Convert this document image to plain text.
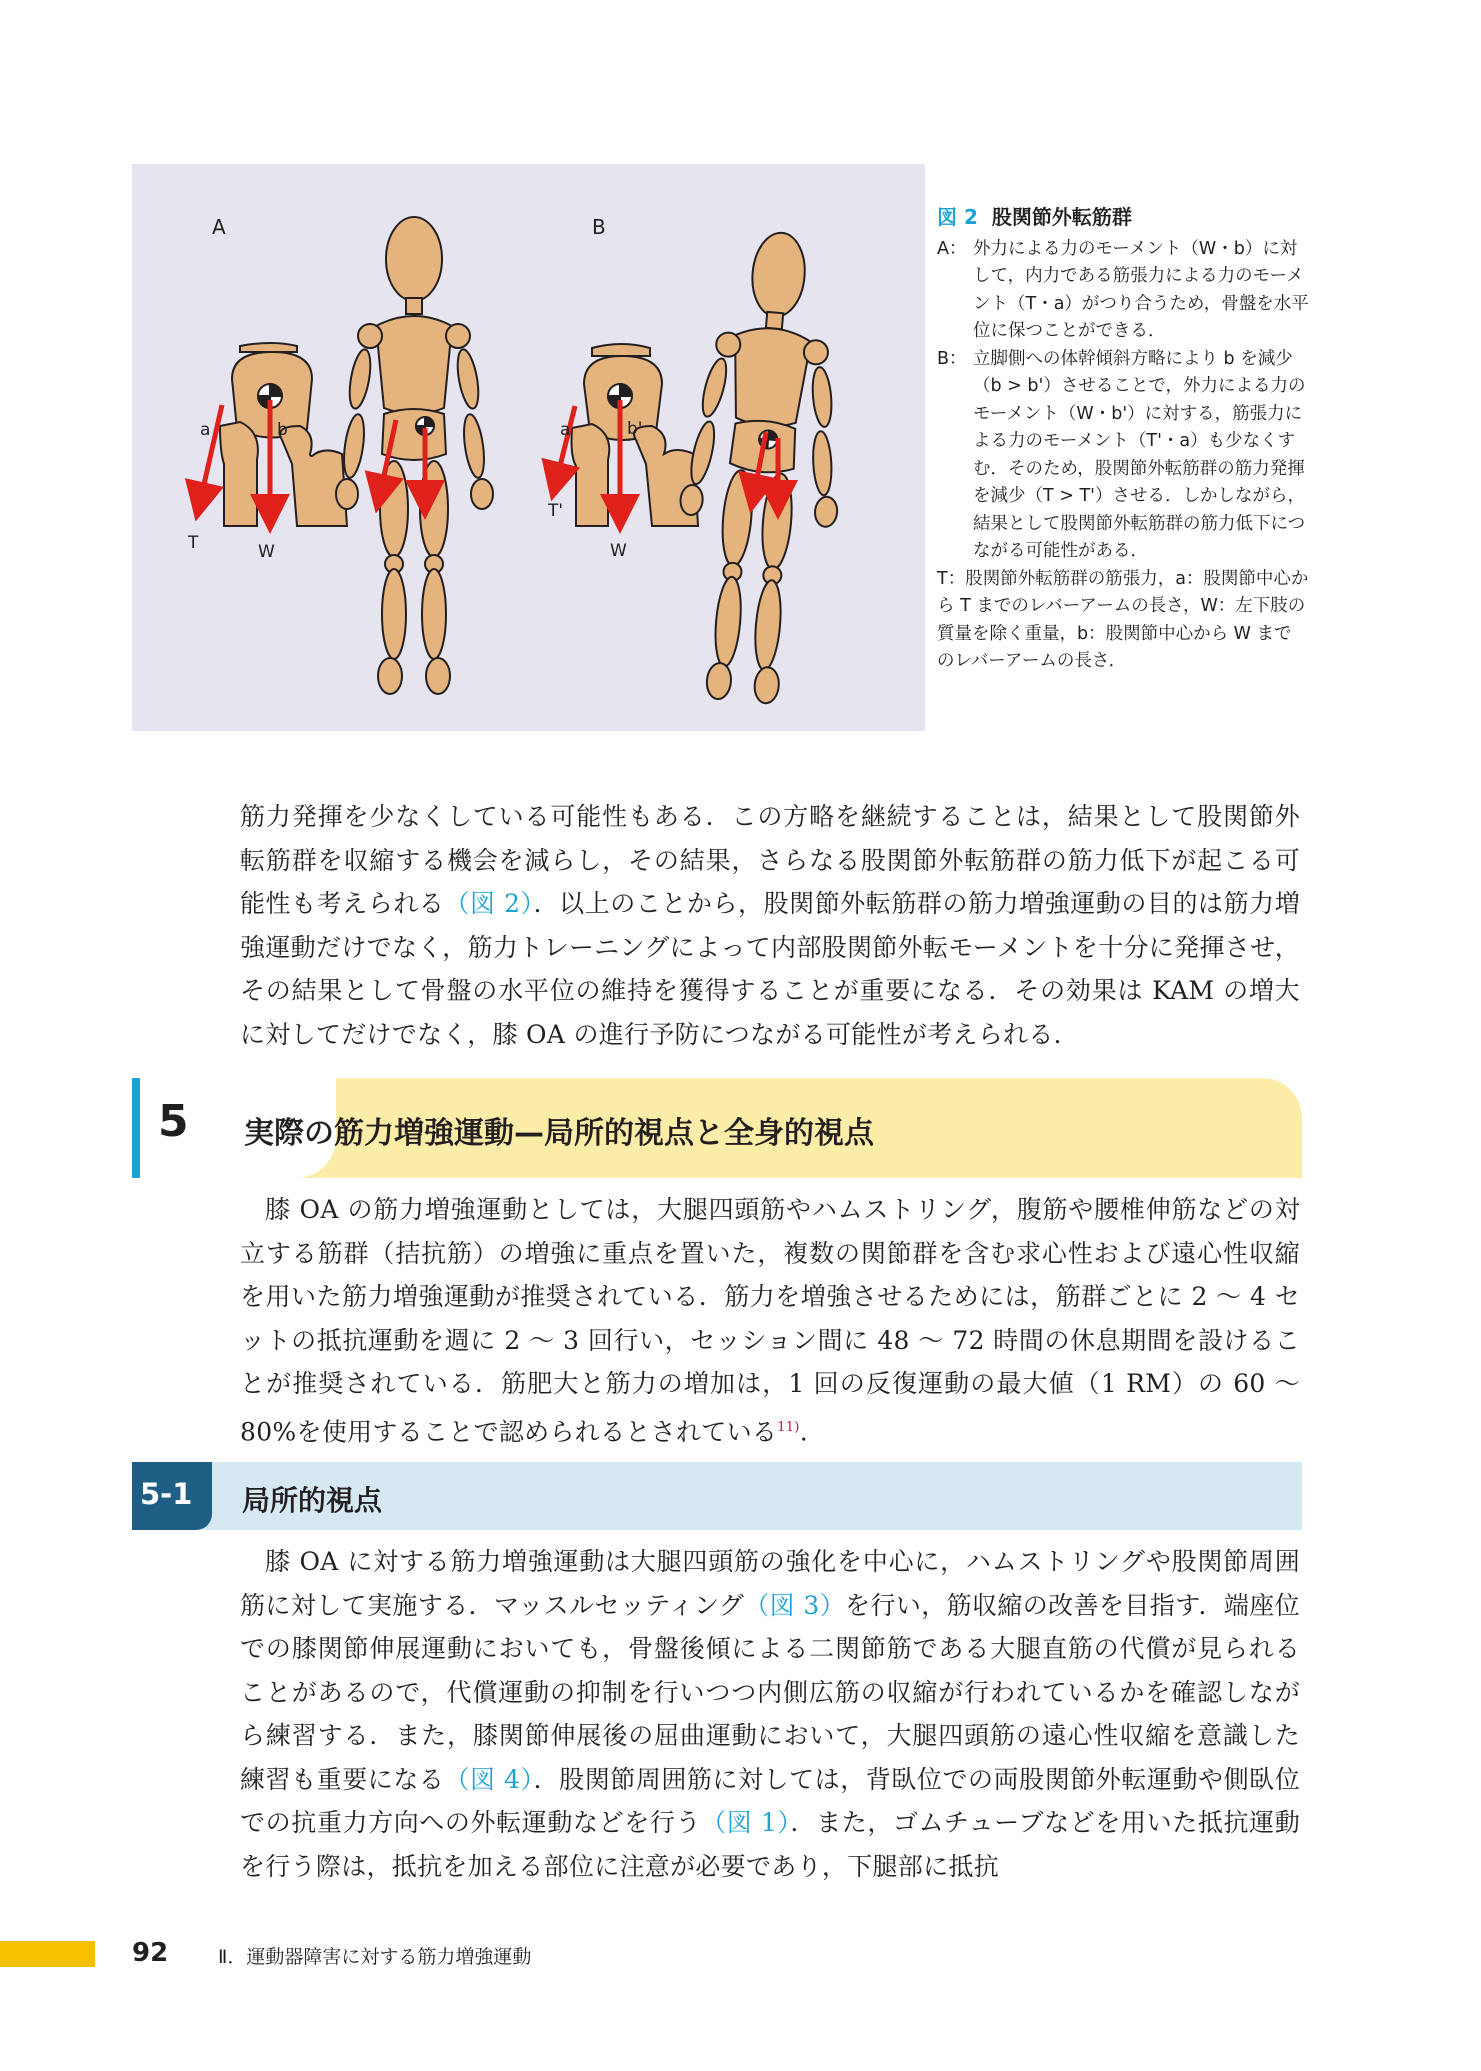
A	B
a	b
T	W
a	b'
T'
W
図 2 股関節外転筋群
A： 外力による力のモーメント（W・b）に対して，内力である筋張力による力のモーメント（T・a）がつり合うため，骨盤を水平位に保つことができる．
B： 立脚側への体幹傾斜方略により b を減少（b > b'）させることで，外力による力のモーメント（W・b'）に対する，筋張力による力のモーメント（T'・a）も少なくすむ．そのため，股関節外転筋群の筋力発揮を減少（T > T'）させる．しかしながら，結果として股関節外転筋群の筋力低下につながる可能性がある．
T：股関節外転筋群の筋張力，a：股関節中心から T までのレバーアームの長さ，W：左下肢の質量を除く重量，b：股関節中心から W までのレバーアームの長さ．

筋力発揮を少なくしている可能性もある．この方略を継続することは，結果として股関節外転筋群を収縮する機会を減らし，その結果，さらなる股関節外転筋群の筋力低下が起こる可能性も考えられる（図 2）．以上のことから，股関節外転筋群の筋力増強運動の目的は筋力増強運動だけでなく，筋力トレーニングによって内部股関節外転モーメントを十分に発揮させ，その結果として骨盤の水平位の維持を獲得することが重要になる．その効果は KAM の増大に対してだけでなく，膝 OA の進行予防につながる可能性が考えられる．

5 実際の筋力増強運動—局所的視点と全身的視点

膝 OA の筋力増強運動としては，大腿四頭筋やハムストリング，腹筋や腰椎伸筋などの対立する筋群（拮抗筋）の増強に重点を置いた，複数の関節群を含む求心性および遠心性収縮を用いた筋力増強運動が推奨されている．筋力を増強させるためには，筋群ごとに 2 〜 4 セットの抵抗運動を週に 2 〜 3 回行い，セッション間に 48 〜 72 時間の休息期間を設けることが推奨されている．筋肥大と筋力の増加は，1 回の反復運動の最大値（1 RM）の 60 〜 80%を使用することで認められるとされている$^{11)}$.

5-1 局所的視点

膝 OA に対する筋力増強運動は大腿四頭筋の強化を中心に，ハムストリングや股関節周囲筋に対して実施する．マッスルセッティング（図 3）を行い，筋収縮の改善を目指す．端座位での膝関節伸展運動においても，骨盤後傾による二関節筋である大腿直筋の代償が見られることがあるので，代償運動の抑制を行いつつ内側広筋の収縮が行われているかを確認しながら練習する．また，膝関節伸展後の屈曲運動において，大腿四頭筋の遠心性収縮を意識した練習も重要になる（図 4）．股関節周囲筋に対しては，背臥位での両股関節外転運動や側臥位での抗重力方向への外転運動などを行う（図 1）．また，ゴムチューブなどを用いた抵抗運動を行う際は，抵抗を加える部位に注意が必要であり，下腿部に抵抗

92	Ⅱ．運動器障害に対する筋力増強運動
